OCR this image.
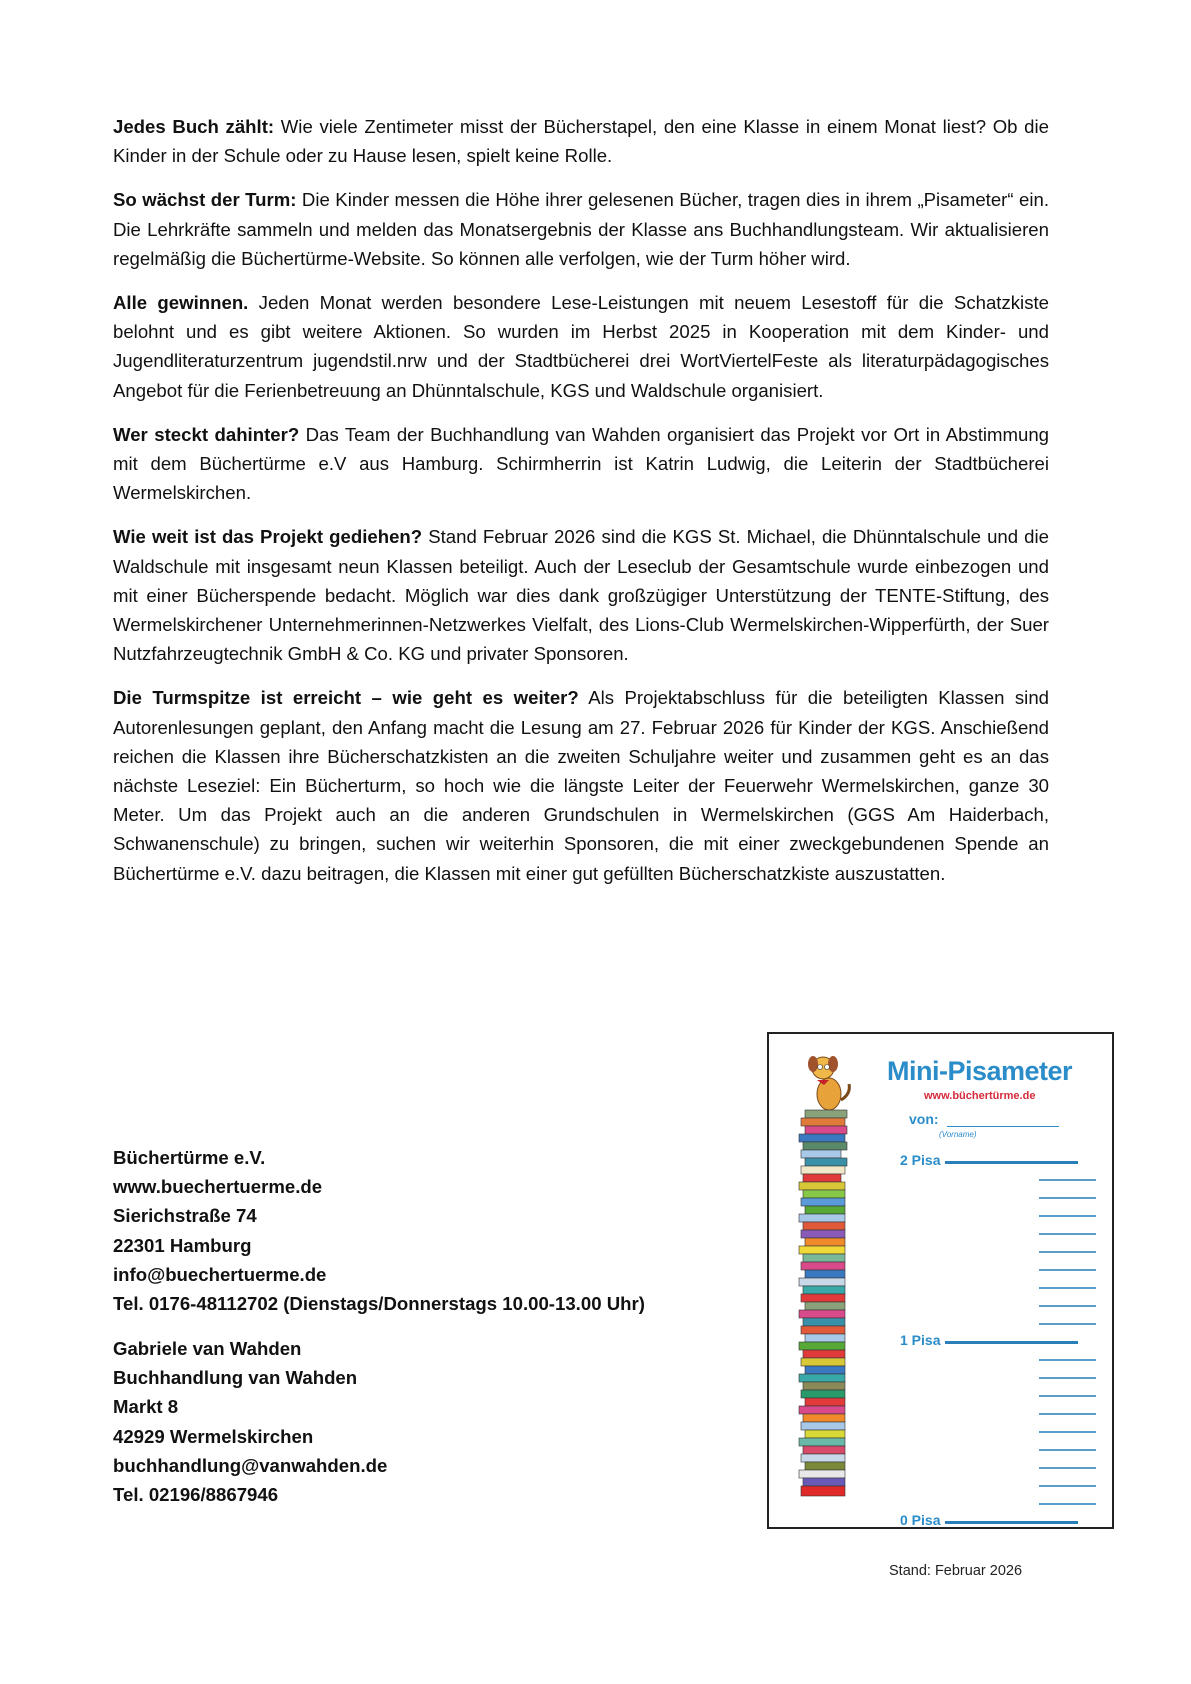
Jedes Buch zählt: Wie viele Zentimeter misst der Bücherstapel, den eine Klasse in einem Monat liest? Ob die Kinder in der Schule oder zu Hause lesen, spielt keine Rolle.

So wächst der Turm: Die Kinder messen die Höhe ihrer gelesenen Bücher, tragen dies in ihrem „Pisameter“ ein. Die Lehrkräfte sammeln und melden das Monatsergebnis der Klasse ans Buchhandlungsteam. Wir aktualisieren regelmäßig die Büchertürme-Website. So können alle verfolgen, wie der Turm höher wird.

Alle gewinnen. Jeden Monat werden besondere Lese-Leistungen mit neuem Lesestoff für die Schatzkiste belohnt und es gibt weitere Aktionen. So wurden im Herbst 2025 in Kooperation mit dem Kinder- und Jugendliteraturzentrum jugendstil.nrw und der Stadtbücherei drei WortViertelFeste als literaturpädagogisches Angebot für die Ferienbetreuung an Dhünntalschule, KGS und Waldschule organisiert.

Wer steckt dahinter? Das Team der Buchhandlung van Wahden organisiert das Projekt vor Ort in Abstimmung mit dem Büchertürme e.V aus Hamburg. Schirmherrin ist Katrin Ludwig, die Leiterin der Stadtbücherei Wermelskirchen.

Wie weit ist das Projekt gediehen? Stand Februar 2026 sind die KGS St. Michael, die Dhünntalschule und die Waldschule mit insgesamt neun Klassen beteiligt. Auch der Leseclub der Gesamtschule wurde einbezogen und mit einer Bücherspende bedacht. Möglich war dies dank großzügiger Unterstützung der TENTE-Stiftung, des Wermelskirchener Unternehmerinnen-Netzwerkes Vielfalt, des Lions-Club Wermelskirchen-Wipperfürth, der Suer Nutzfahrzeugtechnik GmbH & Co. KG und privater Sponsoren.

Die Turmspitze ist erreicht – wie geht es weiter? Als Projektabschluss für die beteiligten Klassen sind Autorenlesungen geplant, den Anfang macht die Lesung am 27. Februar 2026 für Kinder der KGS. Anschießend reichen die Klassen ihre Bücherschatzkisten an die zweiten Schuljahre weiter und zusammen geht es an das nächste Leseziel: Ein Bücherturm, so hoch wie die längste Leiter der Feuerwehr Wermelskirchen, ganze 30 Meter. Um das Projekt auch an die anderen Grundschulen in Wermelskirchen (GGS Am Haiderbach, Schwanenschule) zu bringen, suchen wir weiterhin Sponsoren, die mit einer zweckgebundenen Spende an Büchertürme e.V. dazu beitragen, die Klassen mit einer gut gefüllten Bücherschatzkiste auszustatten.

Büchertürme e.V.
www.buechertuerme.de
Sierichstraße 74
22301 Hamburg
info@buechertuerme.de
Tel. 0176-48112702 (Dienstags/Donnerstags 10.00-13.00 Uhr)
Gabriele van Wahden
Buchhandlung van Wahden
Markt 8
42929 Wermelskirchen
buchhandlung@vanwahden.de
Tel. 02196/8867946
Mini-Pisameter
www.büchertürme.de
von:
(Vorname)
2 Pisa
1 Pisa
0 Pisa
Stand: Februar 2026
